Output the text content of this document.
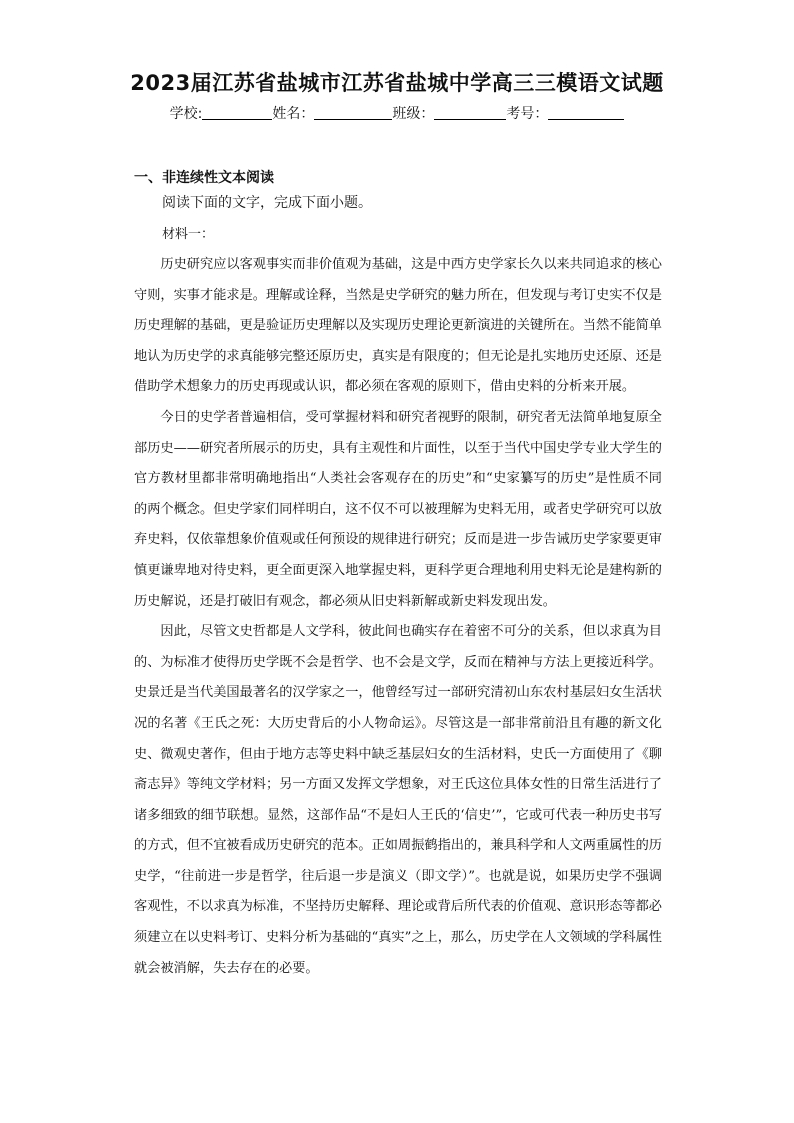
2023届江苏省盐城市江苏省盐城中学高三三模语文试题
学校:	姓名：	班级：	考号：
一、非连续性文本阅读
阅读下面的文字，完成下面小题。
材料一：

历史研究应以客观事实而非价值观为基础，这是中西方史学家长久以来共同追求的核心守则，实事才能求是。理解或诠释，当然是史学研究的魅力所在，但发现与考订史实不仅是历史理解的基础，更是验证历史理解以及实现历史理论更新演进的关键所在。当然不能简单地认为历史学的求真能够完整还原历史，真实是有限度的；但无论是扎实地历史还原、还是借助学术想象力的历史再现或认识，都必须在客观的原则下，借由史料的分析来开展。

今日的史学者普遍相信，受可掌握材料和研究者视野的限制，研究者无法简单地复原全部历史——研究者所展示的历史，具有主观性和片面性，以至于当代中国史学专业大学生的官方教材里都非常明确地指出“人类社会客观存在的历史”和“史家纂写的历史”是性质不同的两个概念。但史学家们同样明白，这不仅不可以被理解为史料无用，或者史学研究可以放弃史料，仅依靠想象价值观或任何预设的规律进行研究；反而是进一步告诫历史学家要更审慎更谦卑地对待史料，更全面更深入地掌握史料，更科学更合理地利用史料无论是建构新的历史解说，还是打破旧有观念，都必须从旧史料新解或新史料发现出发。

因此，尽管文史哲都是人文学科，彼此间也确实存在着密不可分的关系，但以求真为目的、为标准才使得历史学既不会是哲学、也不会是文学，反而在精神与方法上更接近科学。史景迁是当代美国最著名的汉学家之一，他曾经写过一部研究清初山东农村基层妇女生活状况的名著《王氏之死：大历史背后的小人物命运》。尽管这是一部非常前沿且有趣的新文化史、微观史著作，但由于地方志等史料中缺乏基层妇女的生活材料，史氏一方面使用了《聊斋志异》等纯文学材料；另一方面又发挥文学想象，对王氏这位具体女性的日常生活进行了诸多细致的细节联想。显然，这部作品“不是妇人王氏的‘信史’”，它或可代表一种历史书写的方式，但不宜被看成历史研究的范本。正如周振鹤指出的，兼具科学和人文两重属性的历史学，“往前进一步是哲学，往后退一步是演义（即文学）”。也就是说，如果历史学不强调客观性，不以求真为标准，不坚持历史解释、理论或背后所代表的价值观、意识形态等都必须建立在以史料考订、史料分析为基础的“真实”之上，那么，历史学在人文领域的学科属性就会被消解，失去存在的必要。
